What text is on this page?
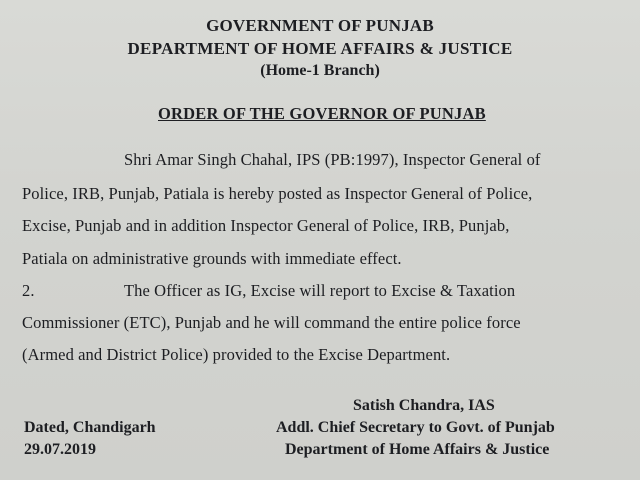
GOVERNMENT OF PUNJAB
DEPARTMENT OF HOME AFFAIRS & JUSTICE
(Home-1 Branch)
ORDER OF THE GOVERNOR OF PUNJAB
Shri Amar Singh Chahal, IPS (PB:1997), Inspector General of
Police, IRB, Punjab, Patiala is hereby posted as Inspector General of Police,
Excise, Punjab and in addition Inspector General of Police, IRB, Punjab,
Patiala on administrative grounds with immediate effect.
2.	The Officer as IG, Excise will report to Excise & Taxation
Commissioner (ETC), Punjab and he will command the entire police force
(Armed and District Police) provided to the Excise Department.
Satish Chandra, IAS
Addl. Chief Secretary to Govt. of Punjab
Department of Home Affairs & Justice
Dated, Chandigarh
29.07.2019
